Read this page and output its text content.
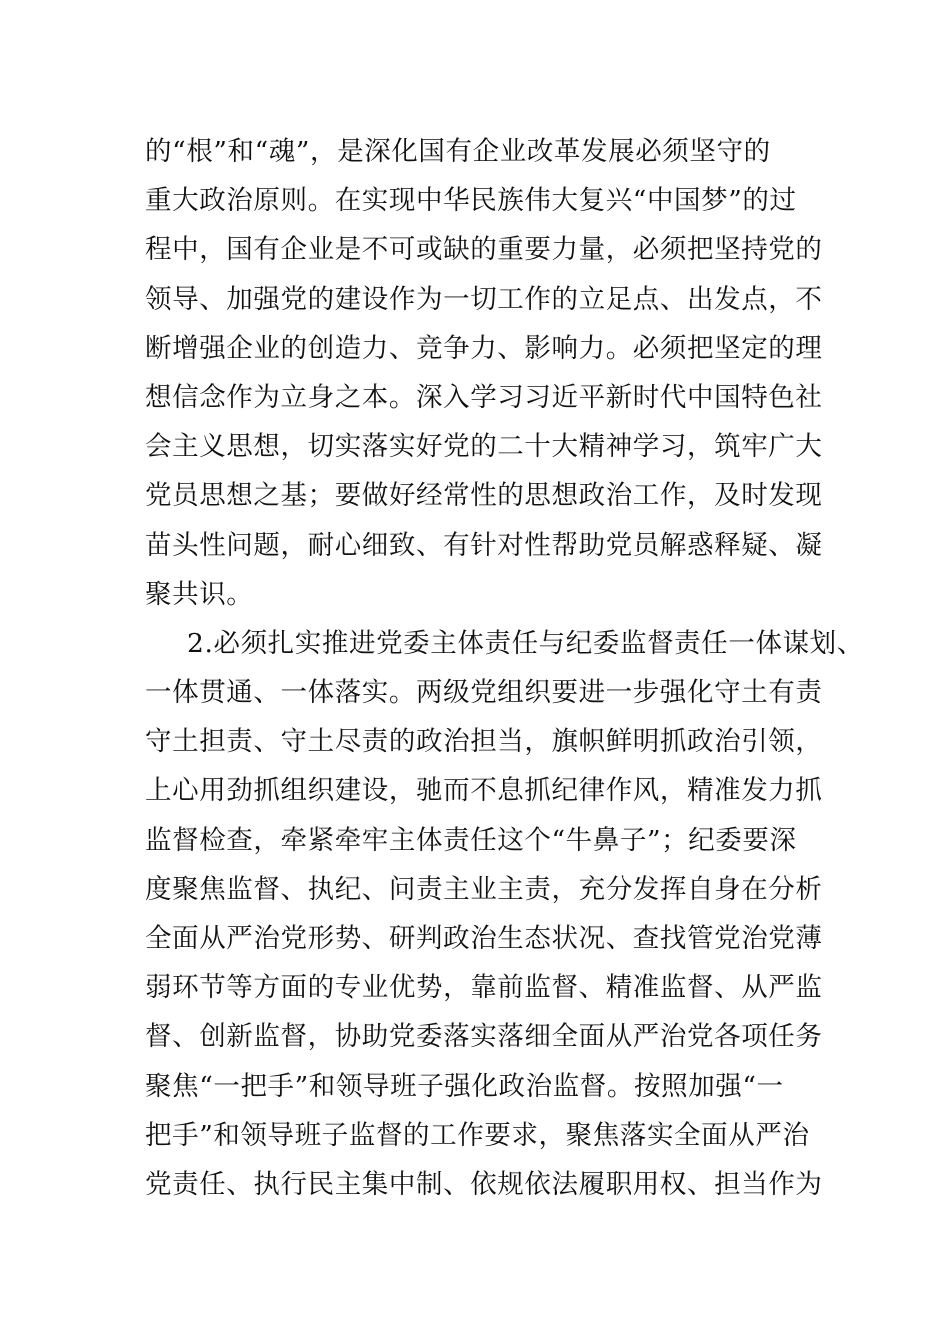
的“根”和“魂”，是深化国有企业改革发展必须坚守的
重大政治原则。在实现中华民族伟大复兴“中国梦”的过
程中，国有企业是不可或缺的重要力量，必须把坚持党的
领导、加强党的建设作为一切工作的立足点、出发点，不
断增强企业的创造力、竞争力、影响力。必须把坚定的理
想信念作为立身之本。深入学习习近平新时代中国特色社
会主义思想，切实落实好党的二十大精神学习，筑牢广大
党员思想之基；要做好经常性的思想政治工作，及时发现
苗头性问题，耐心细致、有针对性帮助党员解惑释疑、凝
聚共识。
2.必须扎实推进党委主体责任与纪委监督责任一体谋划、
一体贯通、一体落实。两级党组织要进一步强化守土有责
守土担责、守土尽责的政治担当，旗帜鲜明抓政治引领，
上心用劲抓组织建设，驰而不息抓纪律作风，精准发力抓
监督检查，牵紧牵牢主体责任这个“牛鼻子”；纪委要深
度聚焦监督、执纪、问责主业主责，充分发挥自身在分析
全面从严治党形势、研判政治生态状况、查找管党治党薄
弱环节等方面的专业优势，靠前监督、精准监督、从严监
督、创新监督，协助党委落实落细全面从严治党各项任务
聚焦“一把手”和领导班子强化政治监督。按照加强“一
把手”和领导班子监督的工作要求，聚焦落实全面从严治
党责任、执行民主集中制、依规依法履职用权、担当作为
